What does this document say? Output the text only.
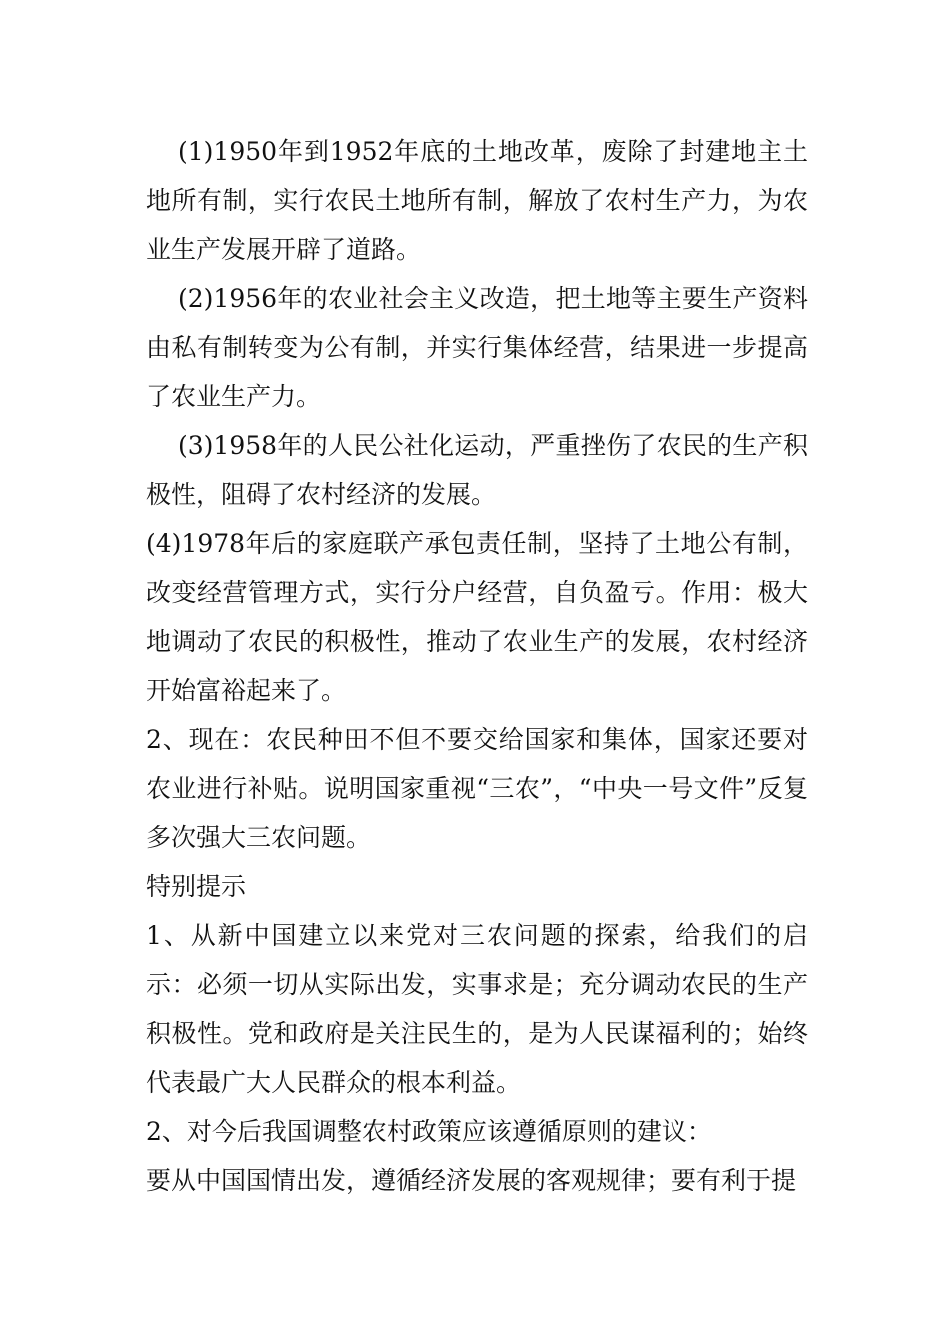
(1)1950年到1952年底的土地改革，废除了封建地主土地所有制，实行农民土地所有制，解放了农村生产力，为农业生产发展开辟了道路。

(2)1956年的农业社会主义改造，把土地等主要生产资料由私有制转变为公有制，并实行集体经营，结果进一步提高了农业生产力。

(3)1958年的人民公社化运动，严重挫伤了农民的生产积极性，阻碍了农村经济的发展。

(4)1978年后的家庭联产承包责任制，坚持了土地公有制，改变经营管理方式，实行分户经营，自负盈亏。作用：极大地调动了农民的积极性，推动了农业生产的发展，农村经济开始富裕起来了。

2、现在：农民种田不但不要交给国家和集体，国家还要对农业进行补贴。说明国家重视“三农”，“中央一号文件”反复多次强大三农问题。

特别提示

1、从新中国建立以来党对三农问题的探索，给我们的启示：必须一切从实际出发，实事求是；充分调动农民的生产积极性。党和政府是关注民生的，是为人民谋福利的；始终代表最广大人民群众的根本利益。

2、对今后我国调整农村政策应该遵循原则的建议：

要从中国国情出发，遵循经济发展的客观规律；要有利于提
